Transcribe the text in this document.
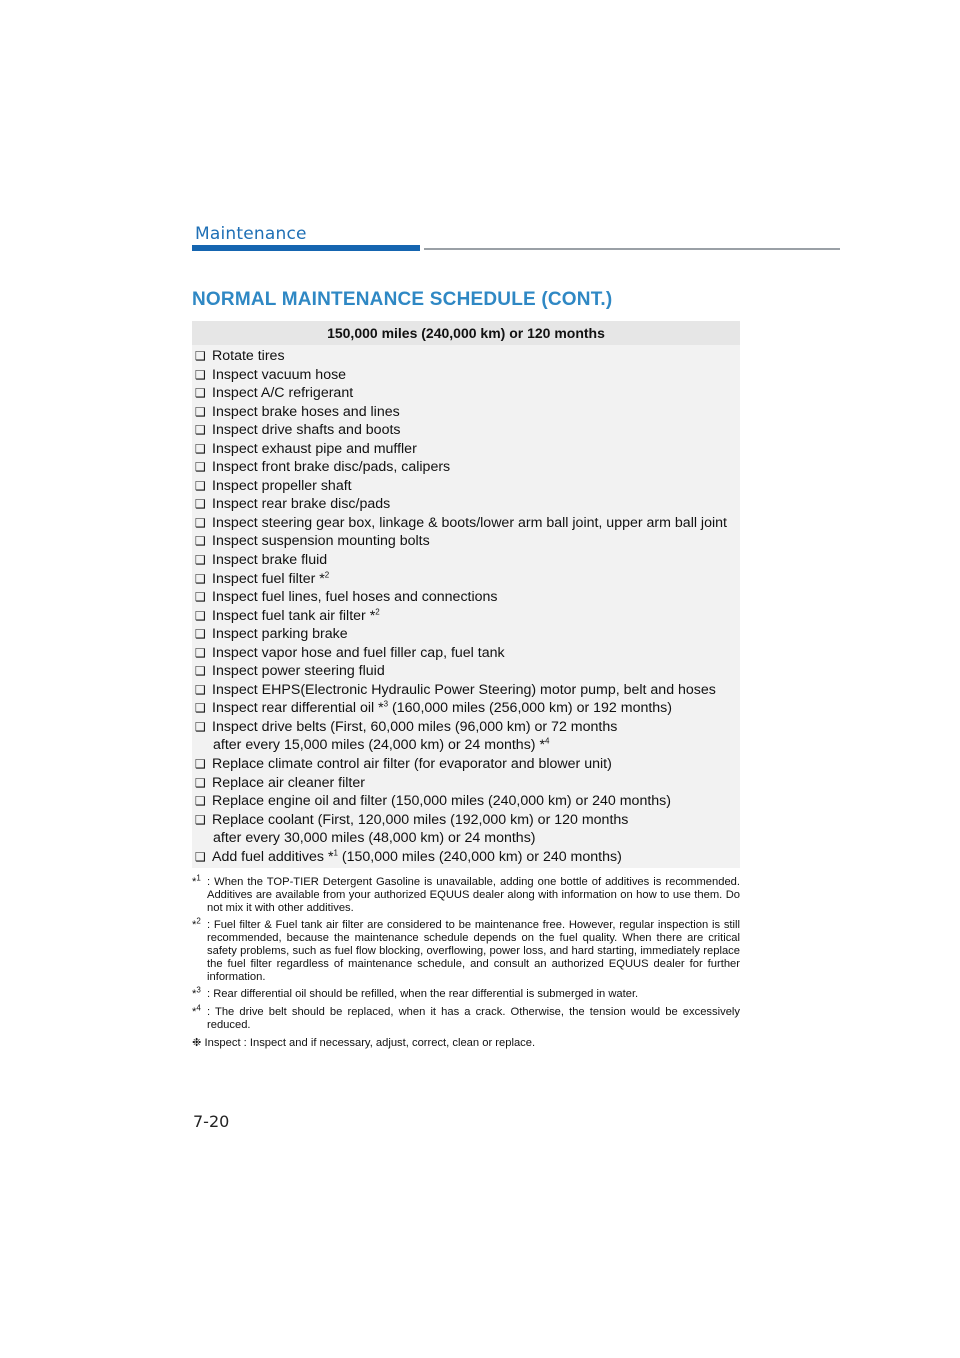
Maintenance
NORMAL MAINTENANCE SCHEDULE (CONT.)
150,000 miles (240,000 km) or 120 months
❑ Rotate tires
❑ Inspect vacuum hose
❑ Inspect A/C refrigerant
❑ Inspect brake hoses and lines
❑ Inspect drive shafts and boots
❑ Inspect exhaust pipe and muffler
❑ Inspect front brake disc/pads, calipers
❑ Inspect propeller shaft
❑ Inspect rear brake disc/pads
❑ Inspect steering gear box, linkage & boots/lower arm ball joint, upper arm ball joint
❑ Inspect suspension mounting bolts
❑ Inspect brake fluid
❑ Inspect fuel filter *$^2$
❑ Inspect fuel lines, fuel hoses and connections
❑ Inspect fuel tank air filter *$^2$
❑ Inspect parking brake
❑ Inspect vapor hose and fuel filler cap, fuel tank
❑ Inspect power steering fluid
❑ Inspect EHPS(Electronic Hydraulic Power Steering) motor pump, belt and hoses
❑ Inspect rear differential oil *$^3$ (160,000 miles (256,000 km) or 192 months)
❑ Inspect drive belts (First, 60,000 miles (96,000 km) or 72 months
after every 15,000 miles (24,000 km) or 24 months) *$^4$
❑ Replace climate control air filter (for evaporator and blower unit)
❑ Replace air cleaner filter
❑ Replace engine oil and filter (150,000 miles (240,000 km) or 240 months)
❑ Replace coolant (First, 120,000 miles (192,000 km) or 120 months
after every 30,000 miles (48,000 km) or 24 months)
❑ Add fuel additives *$^1$ (150,000 miles (240,000 km) or 240 months)
*$^1$ : When the TOP-TIER Detergent Gasoline is unavailable, adding one bottle of additives is recommended. Additives are available from your authorized EQUUS dealer along with information on how to use them. Do not mix it with other additives.
*$^2$ : Fuel filter & Fuel tank air filter are considered to be maintenance free. However, regular inspection is still recommended, because the maintenance schedule depends on the fuel quality. When there are critical safety problems, such as fuel flow blocking, overflowing, power loss, and hard starting, immediately replace the fuel filter regardless of maintenance schedule, and consult an authorized EQUUS dealer for further information.
*$^3$ : Rear differential oil should be refilled, when the rear differential is submerged in water.
*$^4$ : The drive belt should be replaced, when it has a crack. Otherwise, the tension would be excessively reduced.
❉ Inspect : Inspect and if necessary, adjust, correct, clean or replace.
7-20
